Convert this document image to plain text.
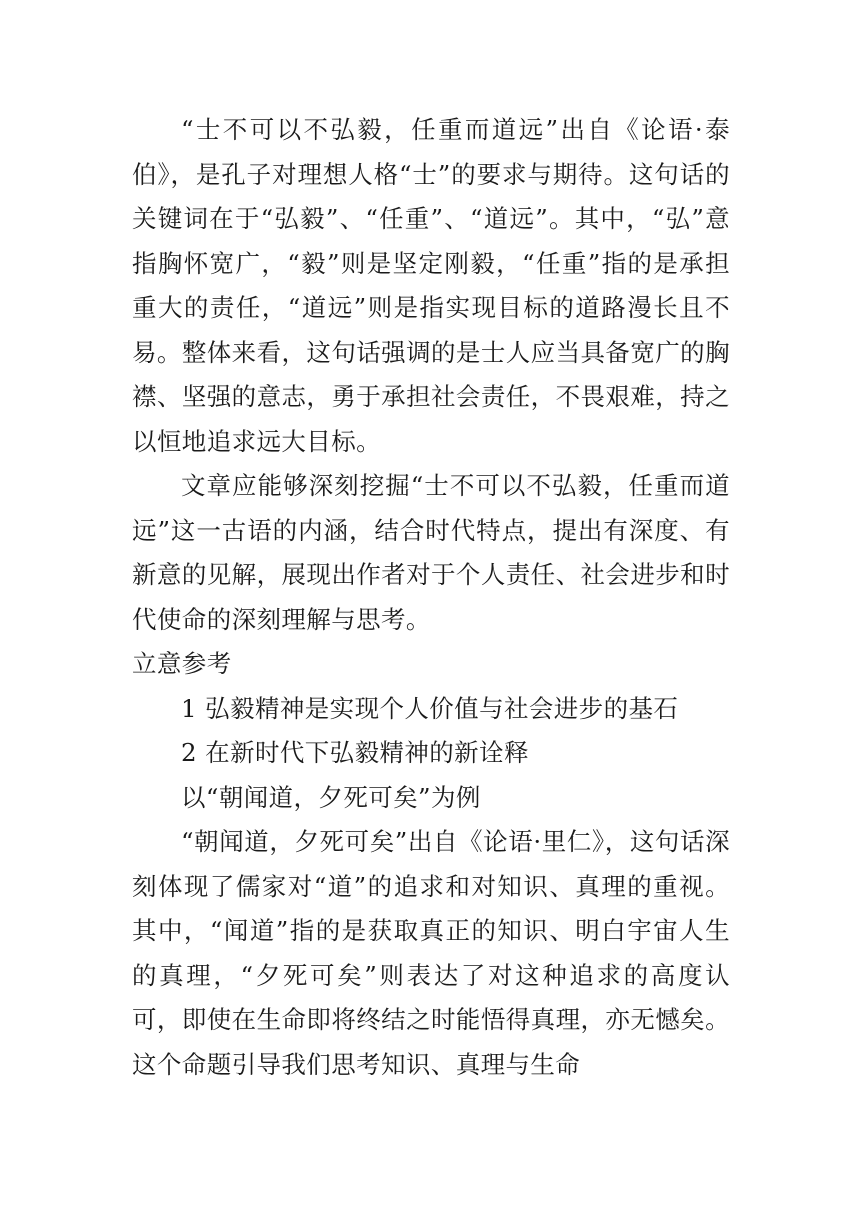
“士不可以不弘毅，任重而道远”出自《论语·泰伯》，是孔子对理想人格“士”的要求与期待。这句话的关键词在于“弘毅”、“任重”、“道远”。其中，“弘”意指胸怀宽广，“毅”则是坚定刚毅，“任重”指的是承担重大的责任，“道远”则是指实现目标的道路漫长且不易。整体来看，这句话强调的是士人应当具备宽广的胸襟、坚强的意志，勇于承担社会责任，不畏艰难，持之以恒地追求远大目标。

文章应能够深刻挖掘“士不可以不弘毅，任重而道远”这一古语的内涵，结合时代特点，提出有深度、有新意的见解，展现出作者对于个人责任、社会进步和时代使命的深刻理解与思考。

立意参考

1 弘毅精神是实现个人价值与社会进步的基石

2 在新时代下弘毅精神的新诠释

以“朝闻道，夕死可矣”为例

“朝闻道，夕死可矣”出自《论语·里仁》，这句话深刻体现了儒家对“道”的追求和对知识、真理的重视。其中，“闻道”指的是获取真正的知识、明白宇宙人生的真理，“夕死可矣”则表达了对这种追求的高度认可，即使在生命即将终结之时能悟得真理，亦无憾矣。这个命题引导我们思考知识、真理与生命
